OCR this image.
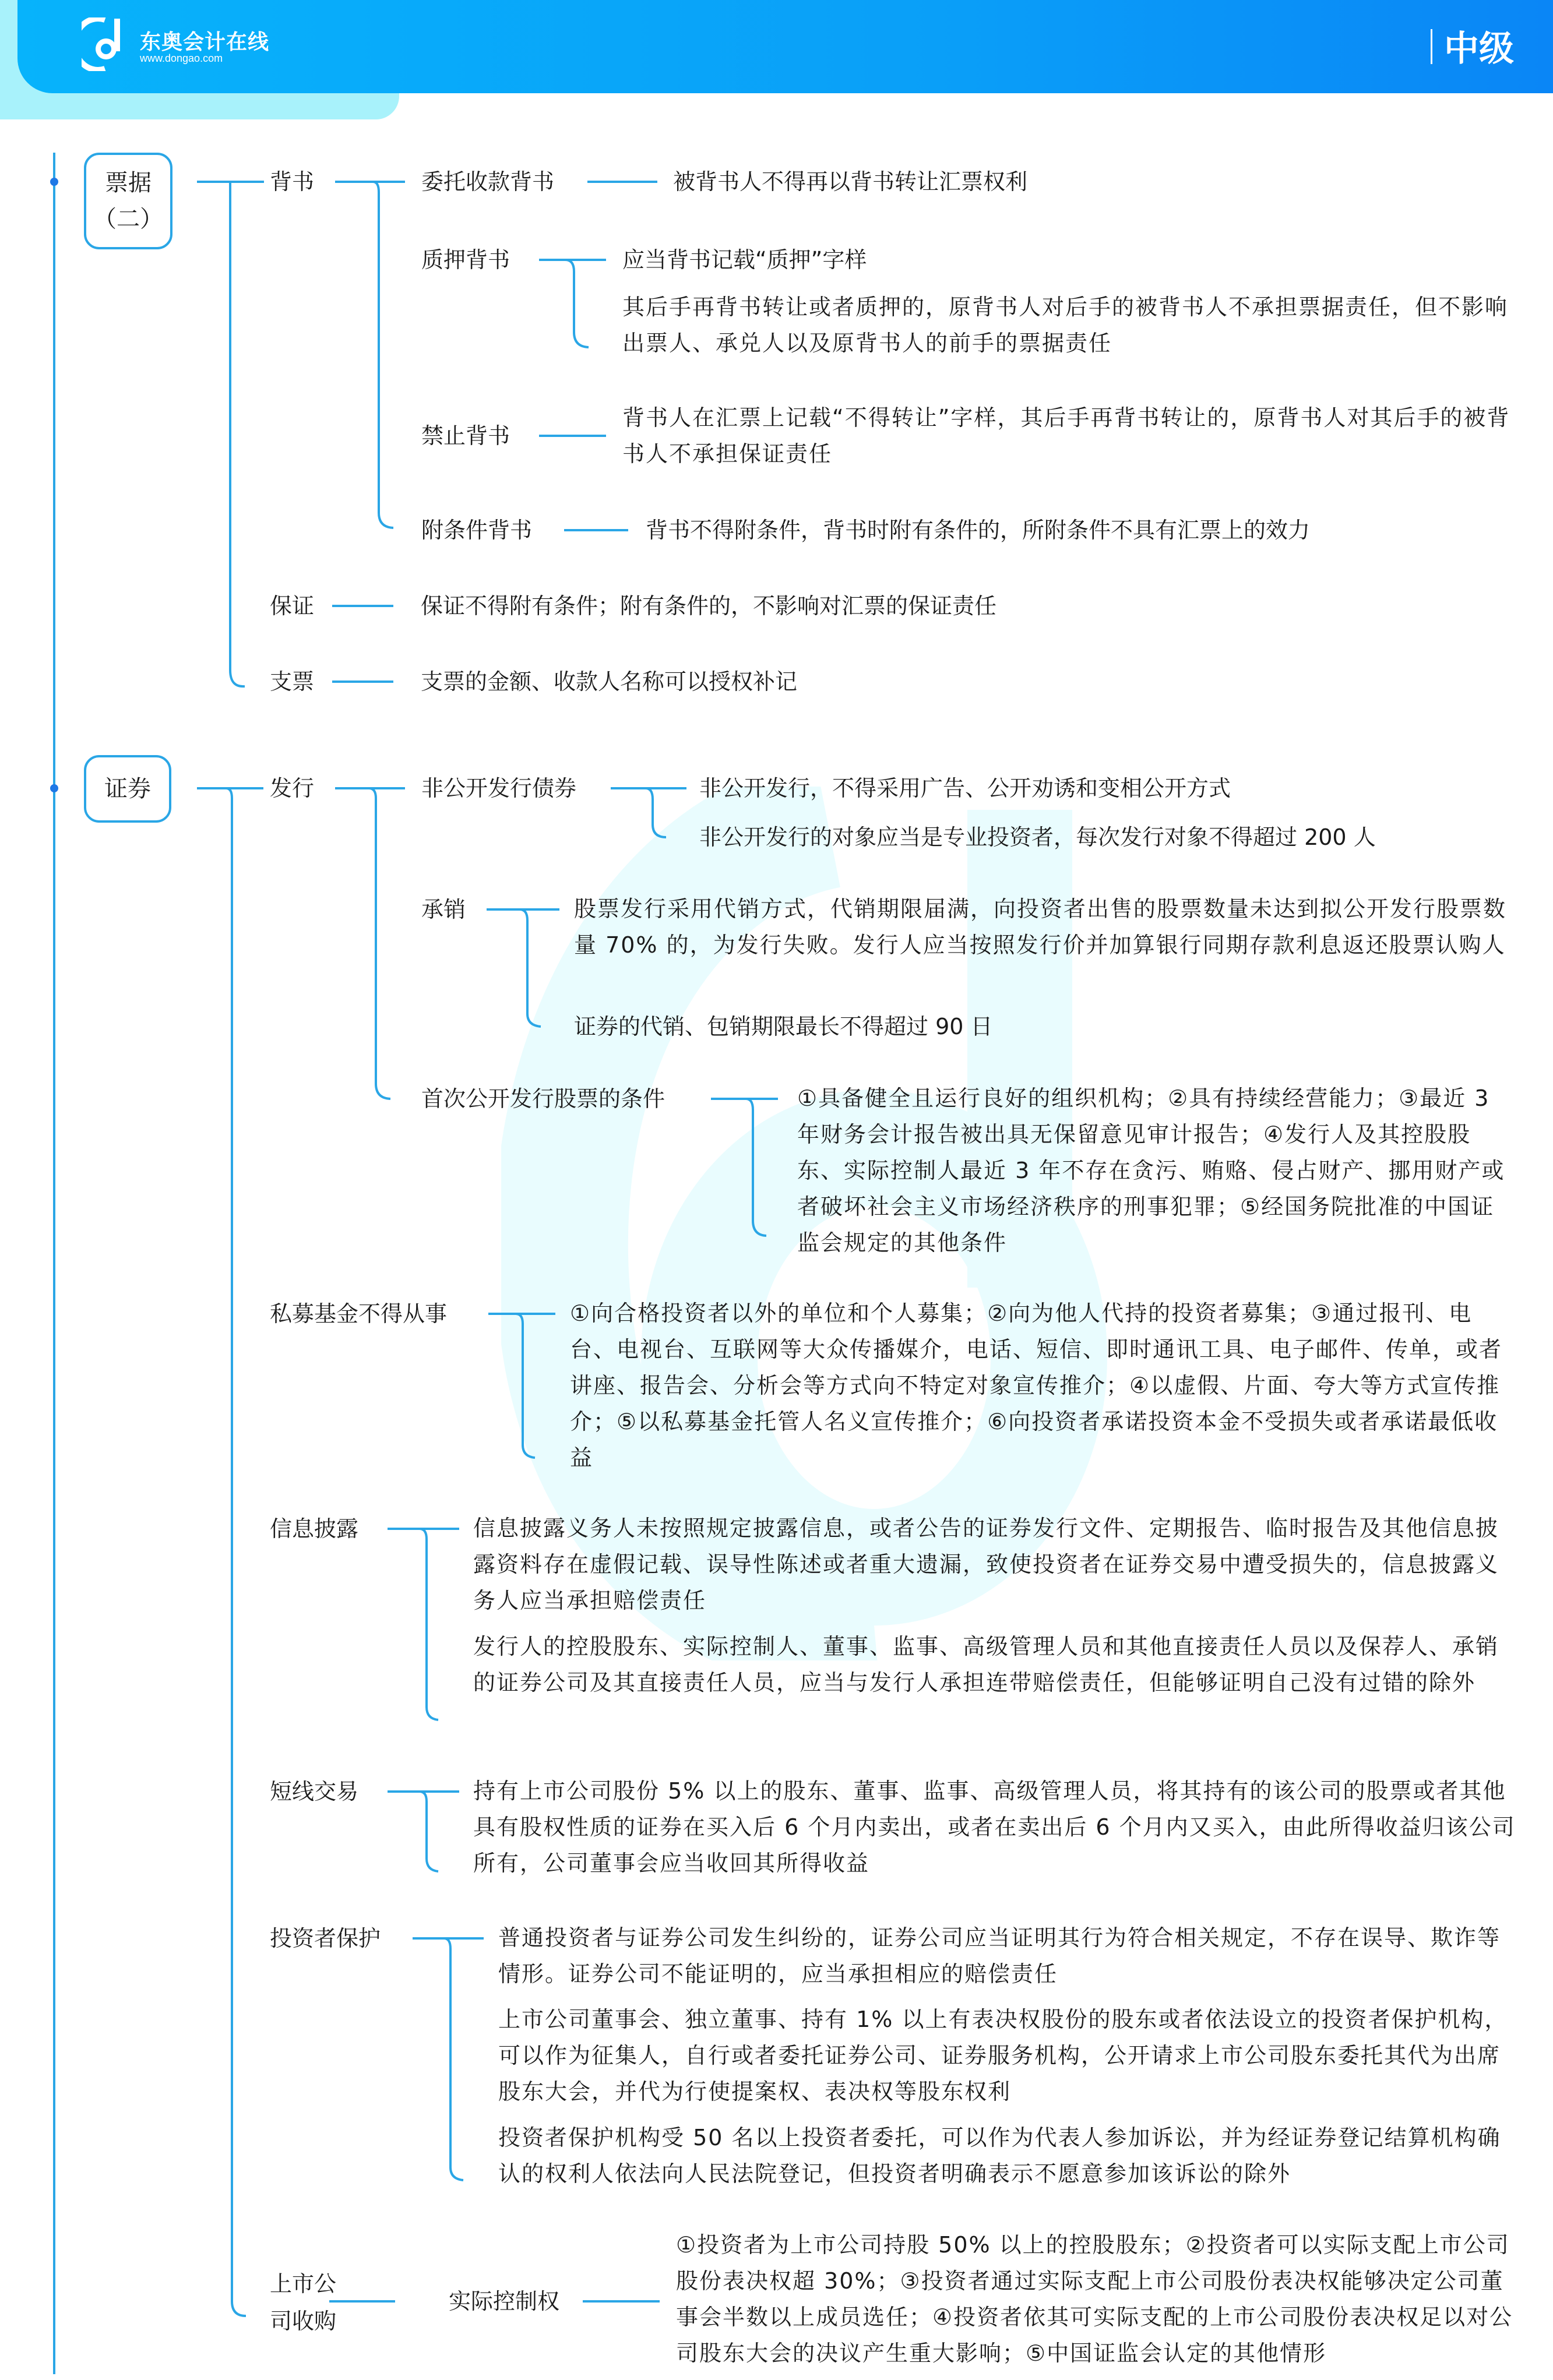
东奥会计在线
www.dongao.com	中级
票据
（二）
背书	委托收款背书	被背书人不得再以背书转让汇票权利
质押背书	应当背书记载“质押”字样
其后手再背书转让或者质押的，原背书人对后手的被背书人不承担票据责任，但不影响出票人、承兑人以及原背书人的前手的票据责任
禁止背书
背书人在汇票上记载“不得转让”字样，其后手再背书转让的，原背书人对其后手的被背书人不承担保证责任
附条件背书	背书不得附条件，背书时附有条件的，所附条件不具有汇票上的效力
保证	保证不得附有条件；附有条件的，不影响对汇票的保证责任
支票	支票的金额、收款人名称可以授权补记
证券	发行	非公开发行债券	非公开发行，不得采用广告、公开劝诱和变相公开方式
非公开发行的对象应当是专业投资者，每次发行对象不得超过 200 人
承销	股票发行采用代销方式，代销期限届满，向投资者出售的股票数量未达到拟公开发行股票数量 70% 的，为发行失败。发行人应当按照发行价并加算银行同期存款利息返还股票认购人
证券的代销、包销期限最长不得超过 90 日
首次公开发行股票的条件	①具备健全且运行良好的组织机构；②具有持续经营能力；③最近 3 年财务会计报告被出具无保留意见审计报告；④发行人及其控股股东、实际控制人最近 3 年不存在贪污、贿赂、侵占财产、挪用财产或者破坏社会主义市场经济秩序的刑事犯罪；⑤经国务院批准的中国证监会规定的其他条件
私募基金不得从事	①向合格投资者以外的单位和个人募集；②向为他人代持的投资者募集；③通过报刊、电台、电视台、互联网等大众传播媒介，电话、短信、即时通讯工具、电子邮件、传单，或者讲座、报告会、分析会等方式向不特定对象宣传推介；④以虚假、片面、夸大等方式宣传推介；⑤以私募基金托管人名义宣传推介；⑥向投资者承诺投资本金不受损失或者承诺最低收益
信息披露	信息披露义务人未按照规定披露信息，或者公告的证券发行文件、定期报告、临时报告及其他信息披露资料存在虚假记载、误导性陈述或者重大遗漏，致使投资者在证券交易中遭受损失的，信息披露义务人应当承担赔偿责任
发行人的控股股东、实际控制人、董事、监事、高级管理人员和其他直接责任人员以及保荐人、承销的证券公司及其直接责任人员，应当与发行人承担连带赔偿责任，但能够证明自己没有过错的除外
短线交易	持有上市公司股份 5% 以上的股东、董事、监事、高级管理人员，将其持有的该公司的股票或者其他具有股权性质的证券在买入后 6 个月内卖出，或者在卖出后 6 个月内又买入，由此所得收益归该公司所有，公司董事会应当收回其所得收益
投资者保护	普通投资者与证券公司发生纠纷的，证券公司应当证明其行为符合相关规定，不存在误导、欺诈等情形。证券公司不能证明的，应当承担相应的赔偿责任
上市公司董事会、独立董事、持有 1% 以上有表决权股份的股东或者依法设立的投资者保护机构，可以作为征集人，自行或者委托证券公司、证券服务机构，公开请求上市公司股东委托其代为出席股东大会，并代为行使提案权、表决权等股东权利
投资者保护机构受 50 名以上投资者委托，可以作为代表人参加诉讼，并为经证券登记结算机构确认的权利人依法向人民法院登记，但投资者明确表示不愿意参加该诉讼的除外
上市公
司收购
实际控制权
①投资者为上市公司持股 50% 以上的控股股东；②投资者可以实际支配上市公司股份表决权超 30%；③投资者通过实际支配上市公司股份表决权能够决定公司董事会半数以上成员选任；④投资者依其可实际支配的上市公司股份表决权足以对公司股东大会的决议产生重大影响；⑤中国证监会认定的其他情形
